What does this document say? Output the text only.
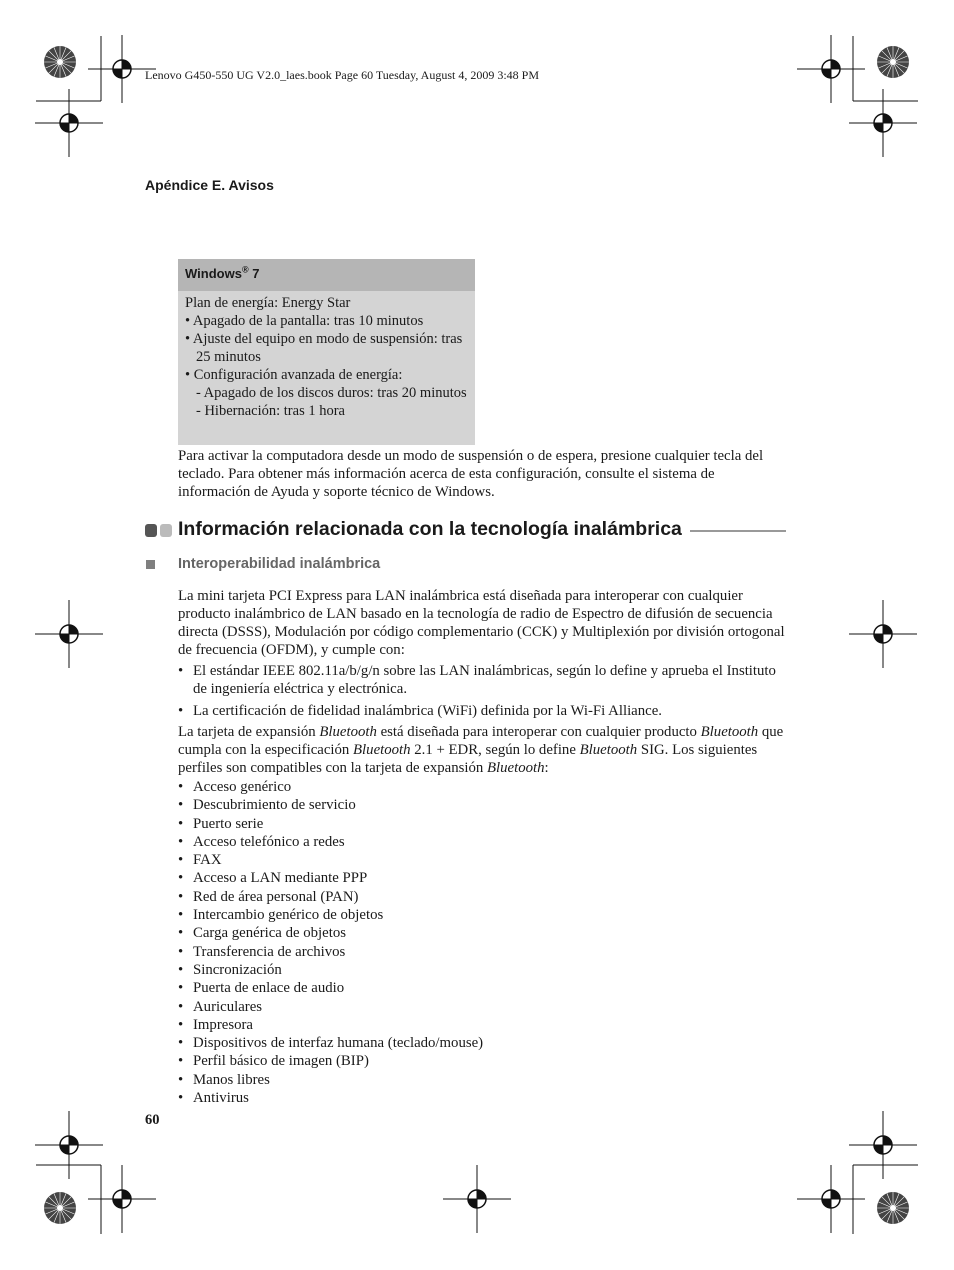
Lenovo G450-550 UG V2.0_laes.book Page 60 Tuesday, August 4, 2009 3:48 PM
Apéndice E. Avisos
Windows® 7
Plan de energía: Energy Star
• Apagado de la pantalla: tras 10 minutos
• Ajuste del equipo en modo de suspensión: tras 25 minutos
• Configuración avanzada de energía:
- Apagado de los discos duros: tras 20 minutos
- Hibernación: tras 1 hora
Para activar la computadora desde un modo de suspensión o de espera, presione cualquier tecla del teclado. Para obtener más información acerca de esta configuración, consulte el sistema de información de Ayuda y soporte técnico de Windows.
Información relacionada con la tecnología inalámbrica
Interoperabilidad inalámbrica
La mini tarjeta PCI Express para LAN inalámbrica está diseñada para interoperar con cualquier producto inalámbrico de LAN basado en la tecnología de radio de Espectro de difusión de secuencia directa (DSSS), Modulación por código complementario (CCK) y Multiplexión por división ortogonal de frecuencia (OFDM), y cumple con:
• El estándar IEEE 802.11a/b/g/n sobre las LAN inalámbricas, según lo define y aprueba el Instituto de ingeniería eléctrica y electrónica.
• La certificación de fidelidad inalámbrica (WiFi) definida por la Wi-Fi Alliance.
La tarjeta de expansión Bluetooth está diseñada para interoperar con cualquier producto Bluetooth que cumpla con la especificación Bluetooth 2.1 + EDR, según lo define Bluetooth SIG. Los siguientes perfiles son compatibles con la tarjeta de expansión Bluetooth:
• Acceso genérico
• Descubrimiento de servicio
• Puerto serie
• Acceso telefónico a redes
• FAX
• Acceso a LAN mediante PPP
• Red de área personal (PAN)
• Intercambio genérico de objetos
• Carga genérica de objetos
• Transferencia de archivos
• Sincronización
• Puerta de enlace de audio
• Auriculares
• Impresora
• Dispositivos de interfaz humana (teclado/mouse)
• Perfil básico de imagen (BIP)
• Manos libres
• Antivirus
60
